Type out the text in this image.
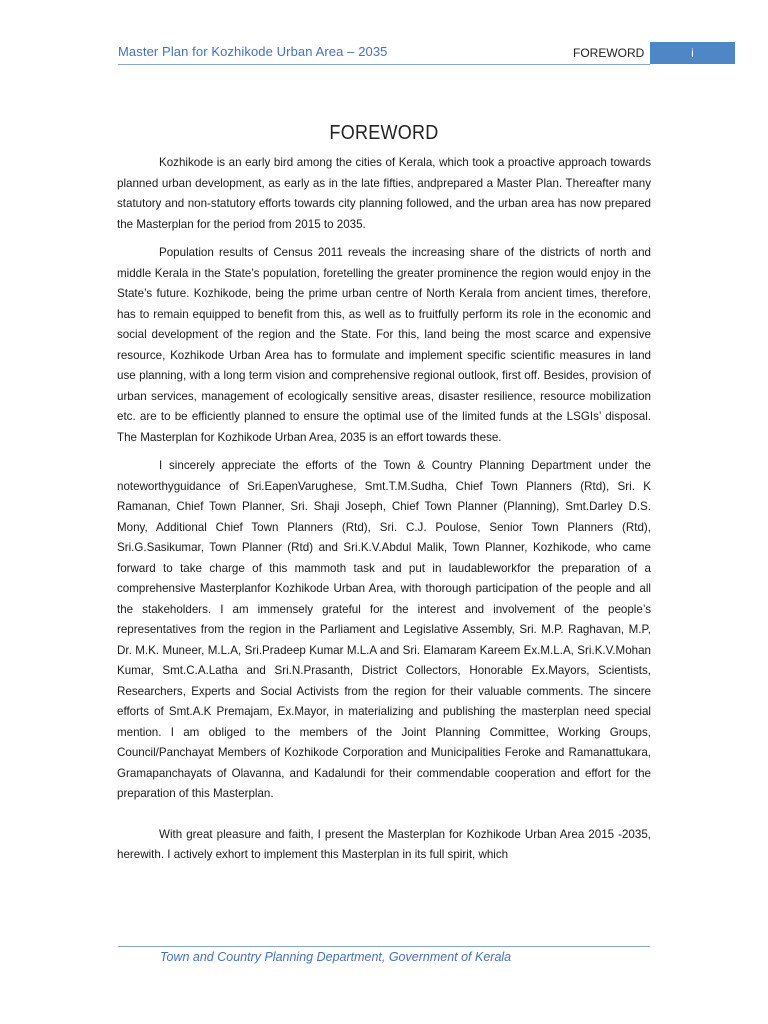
Master Plan for Kozhikode Urban Area – 2035	FOREWORD	i
FOREWORD

Kozhikode is an early bird among the cities of Kerala, which took a proactive approach towards planned urban development, as early as in the late fifties, andprepared a Master Plan. Thereafter many statutory and non-statutory efforts towards city planning followed, and the urban area has now prepared the Masterplan for the period from 2015 to 2035.

Population results of Census 2011 reveals the increasing share of the districts of north and middle Kerala in the State’s population, foretelling the greater prominence the region would enjoy in the State’s future. Kozhikode, being the prime urban centre of North Kerala from ancient times, therefore, has to remain equipped to benefit from this, as well as to fruitfully perform its role in the economic and social development of the region and the State. For this, land being the most scarce and expensive resource, Kozhikode Urban Area has to formulate and implement specific scientific measures in land use planning, with a long term vision and comprehensive regional outlook, first off. Besides, provision of urban services, management of ecologically sensitive areas, disaster resilience, resource mobilization etc. are to be efficiently planned to ensure the optimal use of the limited funds at the LSGIs’ disposal. The Masterplan for Kozhikode Urban Area, 2035 is an effort towards these.

I sincerely appreciate the efforts of the Town & Country Planning Department under the noteworthyguidance of Sri.EapenVarughese, Smt.T.M.Sudha, Chief Town Planners (Rtd), Sri. K Ramanan, Chief Town Planner, Sri. Shaji Joseph, Chief Town Planner (Planning), Smt.Darley D.S. Mony, Additional Chief Town Planners (Rtd), Sri. C.J. Poulose, Senior Town Planners (Rtd), Sri.G.Sasikumar, Town Planner (Rtd) and Sri.K.V.Abdul Malik, Town Planner, Kozhikode, who came forward to take charge of this mammoth task and put in laudableworkfor the preparation of a comprehensive Masterplanfor Kozhikode Urban Area, with thorough participation of the people and all the stakeholders. I am immensely grateful for the interest and involvement of the people’s representatives from the region in the Parliament and Legislative Assembly, Sri. M.P. Raghavan, M.P, Dr. M.K. Muneer, M.L.A, Sri.Pradeep Kumar M.L.A and Sri. Elamaram Kareem Ex.M.L.A, Sri.K.V.Mohan Kumar, Smt.C.A.Latha and Sri.N.Prasanth, District Collectors, Honorable Ex.Mayors, Scientists, Researchers, Experts and Social Activists from the region for their valuable comments. The sincere efforts of Smt.A.K Premajam, Ex.Mayor, in materializing and publishing the masterplan need special mention. I am obliged to the members of the Joint Planning Committee, Working Groups, Council/Panchayat Members of Kozhikode Corporation and Municipalities Feroke and Ramanattukara, Gramapanchayats of Olavanna, and Kadalundi for their commendable cooperation and effort for the preparation of this Masterplan.

With great pleasure and faith, I present the Masterplan for Kozhikode Urban Area 2015 -2035, herewith. I actively exhort to implement this Masterplan in its full spirit, which

Town and Country Planning Department, Government of Kerala
